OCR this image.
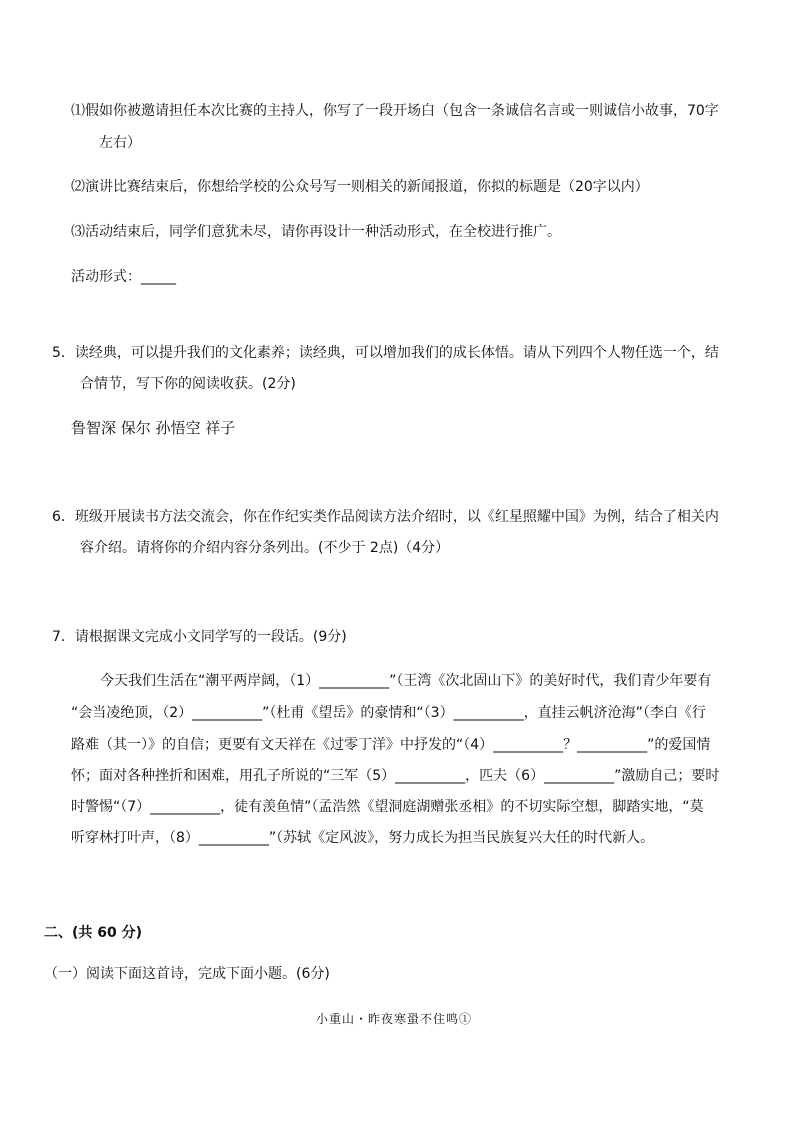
⑴假如你被邀请担任本次比赛的主持人，你写了一段开场白（包含一条诚信名言或一则诚信小故事，70字
左右）
⑵演讲比赛结束后，你想给学校的公众号写一则相关的新闻报道，你拟的标题是（20字以内）
⑶活动结束后，同学们意犹未尽，请你再设计一种活动形式，在全校进行推广。
活动形式：_____
5．读经典，可以提升我们的文化素养；读经典，可以增加我们的成长体悟。请从下列四个人物任选一个，结
合情节，写下你的阅读收获。(2分)
鲁智深 保尔 孙悟空 祥子
6．班级开展读书方法交流会，你在作纪实类作品阅读方法介绍时，以《红星照耀中国》为例，结合了相关内
容介绍。请将你的介绍内容分条列出。(不少于 2点)（4分）
7．请根据课文完成小文同学写的一段话。(9分)
今天我们生活在“潮平两岸阔，（1）__________”（王湾《次北固山下》的美好时代，我们青少年要有
“会当凌绝顶，（2）__________”（杜甫《望岳》的豪情和“（3）__________，直挂云帆济沧海”（李白《行
路难（其一）》的自信；更要有文天祥在《过零丁洋》中抒发的“（4）__________？__________”的爱国情
怀；面对各种挫折和困难，用孔子所说的“三军（5）__________，匹夫（6）__________”激励自己；要时
时警惕“（7）__________，徒有羡鱼情”（孟浩然《望洞庭湖赠张丞相》的不切实际空想，脚踏实地，“莫
听穿林打叶声，（8）__________”（苏轼《定风波》，努力成长为担当民族复兴大任的时代新人。
二、(共 60 分)
（一）阅读下面这首诗，完成下面小题。(6分)
小重山・昨夜寒蛩不住鸣①
